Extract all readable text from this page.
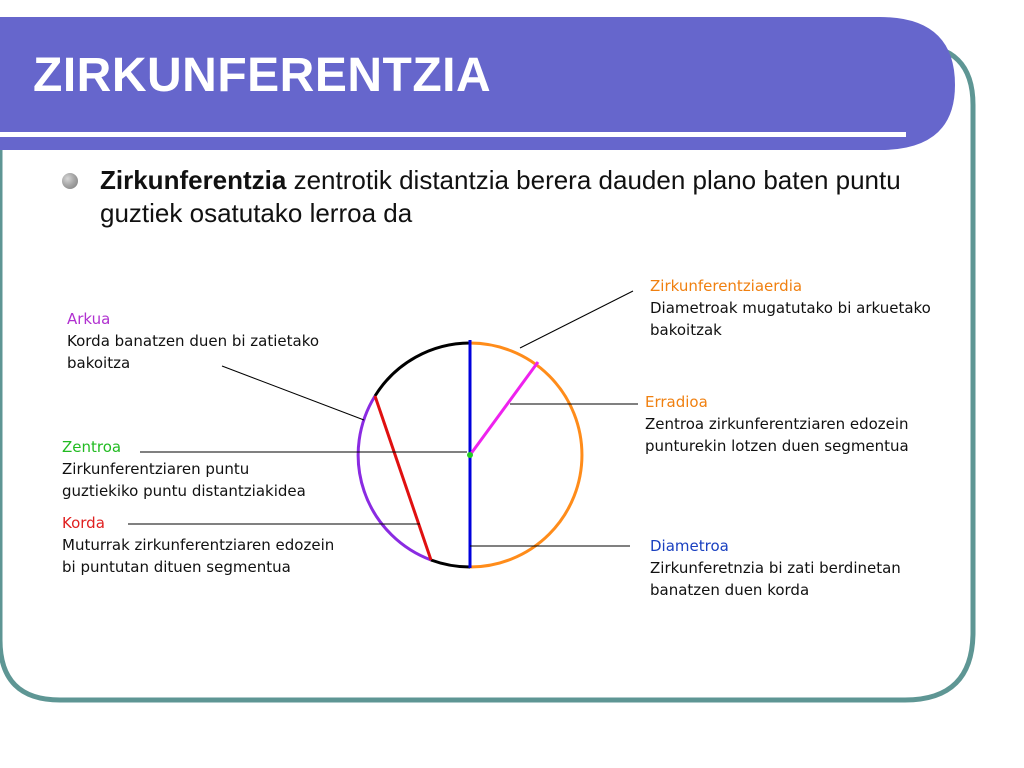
ZIRKUNFERENTZIA

Zirkunferentzia zentrotik distantzia berera dauden plano baten puntu guztiek osatutako lerroa da

Arkua
Korda banatzen duen bi zatietako
bakoitza
Zentroa
Zirkunferentziaren puntu
guztiekiko puntu distantziakidea
Korda
Muturrak zirkunferentziaren edozein
bi puntutan dituen segmentua
Zirkunferentziaerdia
Diametroak mugatutako bi arkuetako
bakoitzak
Erradioa
Zentroa zirkunferentziaren edozein
punturekin lotzen duen segmentua
Diametroa
Zirkunferetnzia bi zati berdinetan
banatzen duen korda
